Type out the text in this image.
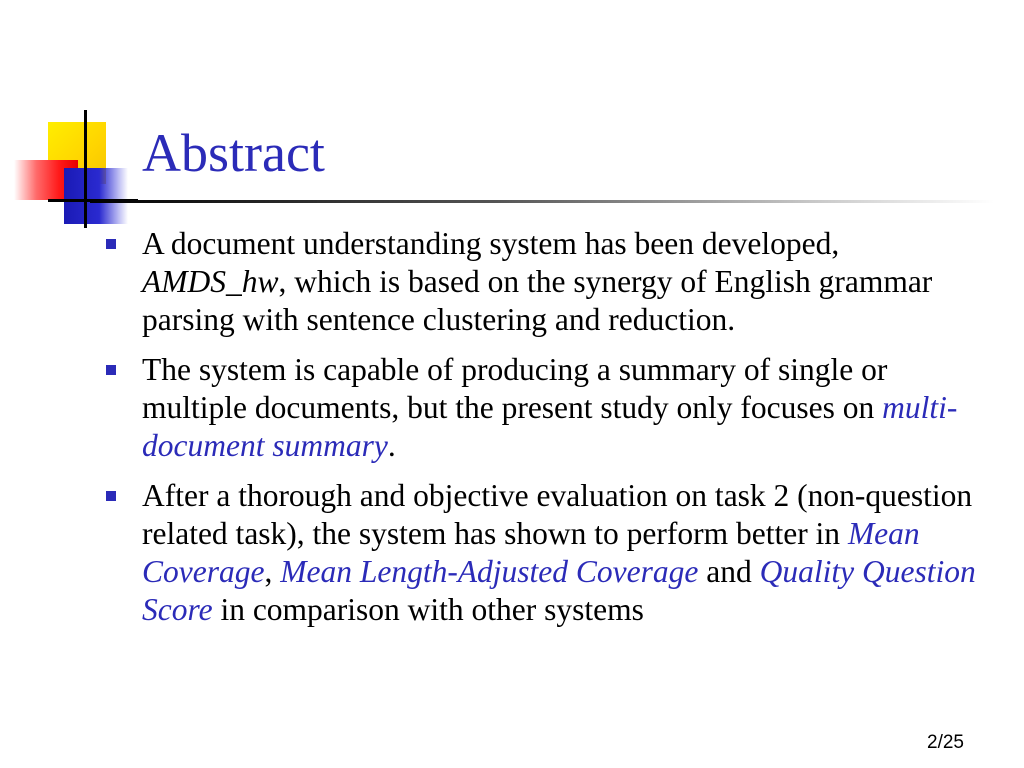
Abstract
A document understanding system has been developed, AMDS_hw, which is based on the synergy of English grammar parsing with sentence clustering and reduction.
The system is capable of producing a summary of single or multiple documents, but the present study only focuses on multi-document summary.
After a thorough and objective evaluation on task 2 (non-question related task), the system has shown to perform better in Mean Coverage, Mean Length-Adjusted Coverage and Quality Question Score in comparison with other systems
2/25
